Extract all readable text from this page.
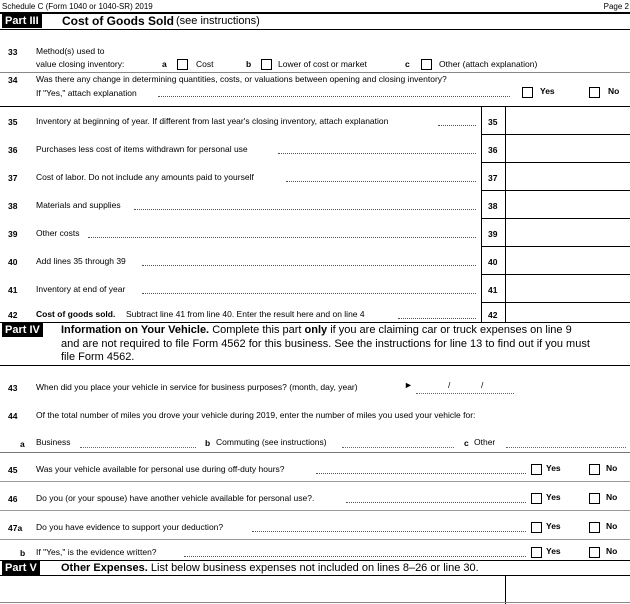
Schedule C (Form 1040 or 1040-SR) 2019	Page 2
Part III Cost of Goods Sold (see instructions)
33 Method(s) used to
value closing inventory:	a	Cost	b	Lower of cost or market	c	Other (attach explanation)
34 Was there any change in determining quantities, costs, or valuations between opening and closing inventory?
If "Yes," attach explanation	Yes	No
35 Inventory at beginning of year. If different from last year's closing inventory, attach explanation	35
36 Purchases less cost of items withdrawn for personal use	36
37 Cost of labor. Do not include any amounts paid to yourself	37
38 Materials and supplies	38
39 Other costs	39
40 Add lines 35 through 39	40
41 Inventory at end of year	41
42 Cost of goods sold. Subtract line 41 from line 40. Enter the result here and on line 4	42
Part IV Information on Your Vehicle. Complete this part only if you are claiming car or truck expenses on line 9
and are not required to file Form 4562 for this business. See the instructions for line 13 to find out if you must
file Form 4562.
43 When did you place your vehicle in service for business purposes? (month, day, year)	►	/	/
44 Of the total number of miles you drove your vehicle during 2019, enter the number of miles you used your vehicle for:
a Business	b Commuting (see instructions)	c Other
45 Was your vehicle available for personal use during off-duty hours?	Yes	No
46 Do you (or your spouse) have another vehicle available for personal use?.	Yes	No
47a Do you have evidence to support your deduction?	Yes	No
b If "Yes," is the evidence written?	Yes	No
Part V Other Expenses. List below business expenses not included on lines 8–26 or line 30.
